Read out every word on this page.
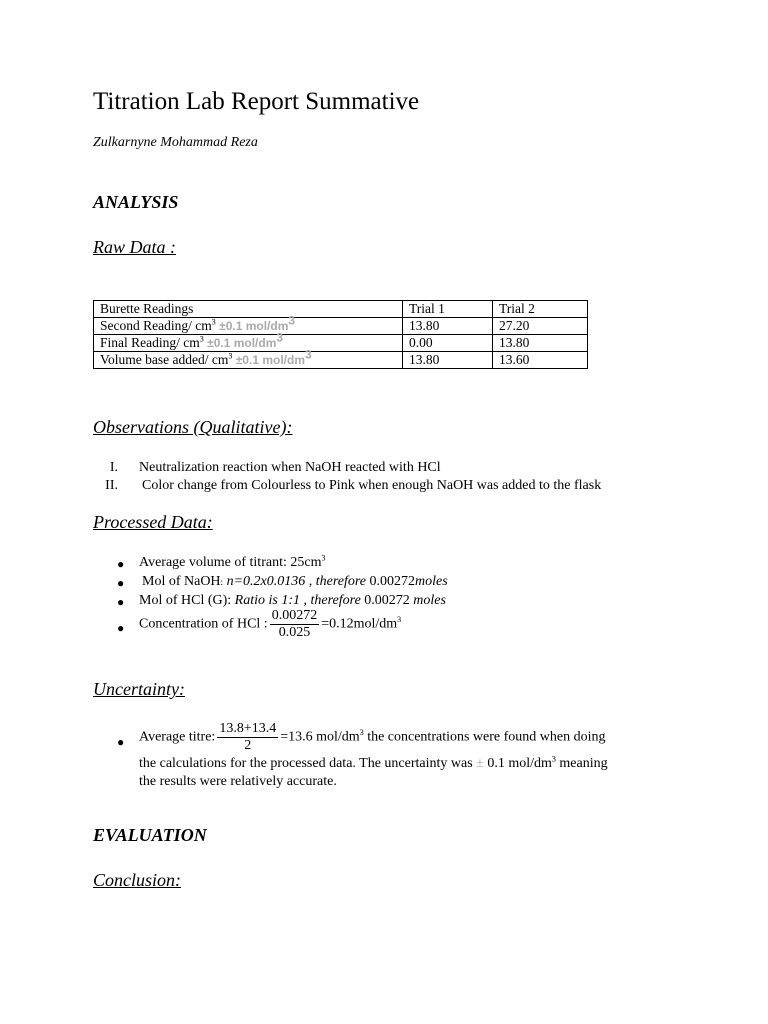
Titration Lab Report Summative
Zulkarnyne Mohammad Reza
ANALYSIS
Raw Data :
Burette Readings	Trial 1	Trial 2
Second Reading/ $cm^3 \pm 0.1$ mol/$dm^3$	13.80	27.20
Final Reading/ $cm^3 \pm 0.1$ mol/$dm^3$	0.00	13.80
Volume base added/ $cm^3 \pm 0.1$ mol/$dm^3$	13.80	13.60
Observations (Qualitative):
I. Neutralization reaction when NaOH reacted with HCl
II. Color change from Colourless to Pink when enough NaOH was added to the flask
Processed Data:
● Average volume of titrant: $25cm^3$
● Mol of NaOH: n=0.2x0.0136 , therefore 0.00272moles
● Mol of HCl (G): Ratio is 1:1 , therefore 0.00272 moles
● Concentration of HCl : $\frac{0.00272}{0.025} =0.12mol/dm^3$
Uncertainty:
● Average titre: $\frac{13.8+13.4}{2} =13.6$ mol/$dm^3$ the concentrations were found when doing
the calculations for the processed data. The uncertainty was ± 0.1 mol/$dm^3$ meaning
the results were relatively accurate.
EVALUATION
Conclusion:
